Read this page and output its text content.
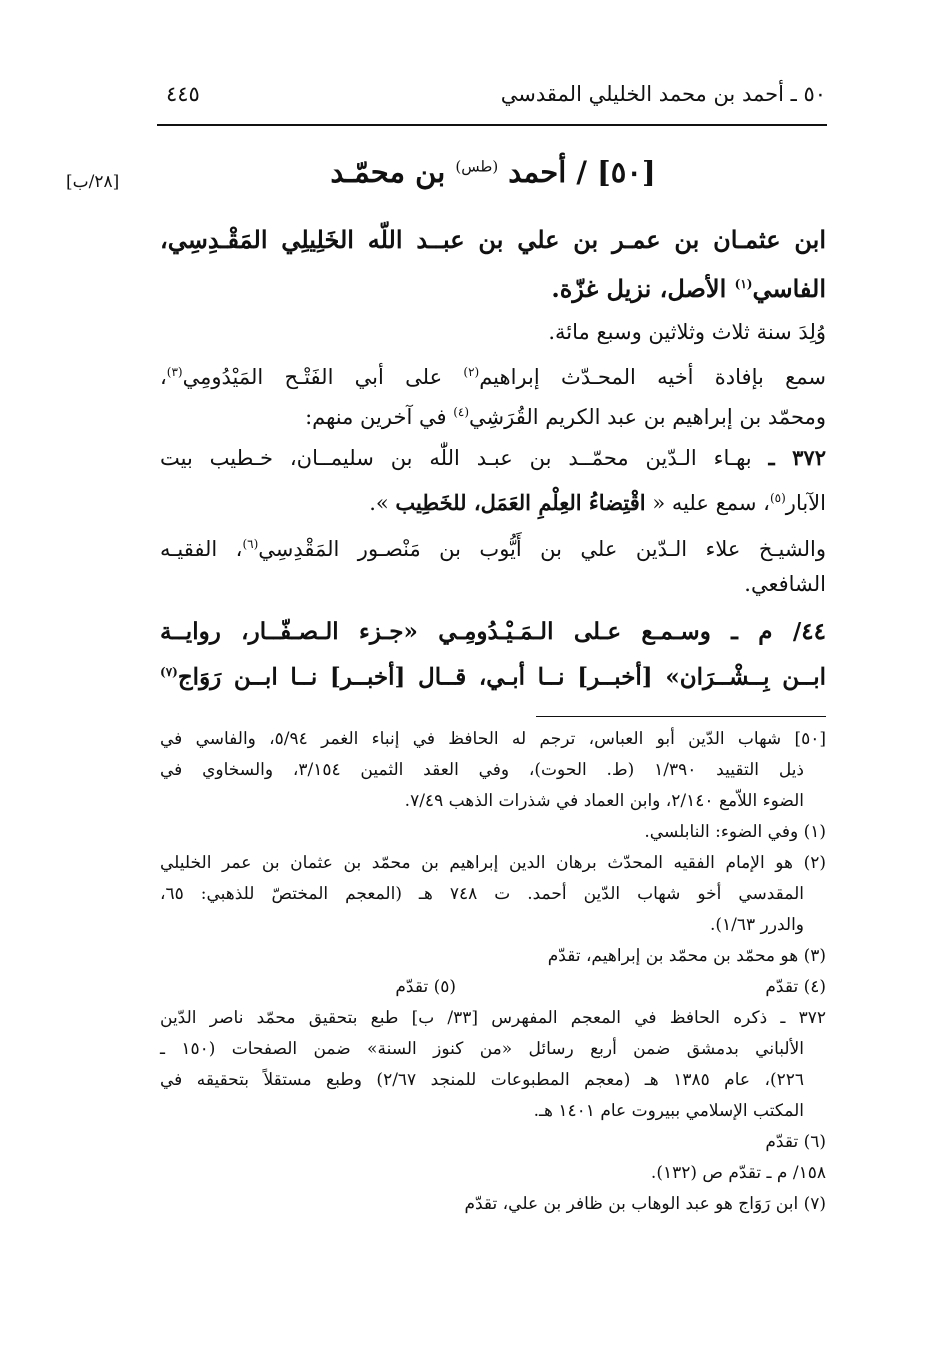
٥٠ ـ أحمد بن محمد الخليلي المقدسي
٤٤٥
[٢٨/ب]	[٥٠] / أحمد $^{(طس)}$ بن محمّـد
ابن عثمـان بن عمـر بن علي بن عبــد اللّه الخَلِيلِي المَقْـدِسِي،
الفاسي$^{(١)}$ الأصل، نزيل غزّة.
وُلِدَ سنة ثلاث وثلاثين وسبع مائة.
سمع بإفادة أخيه المحـدّث إبراهيم$^{(٢)}$ على أبي الفَتْـح المَيْدُومِي$^{(٣)}$،
ومحمّد بن إبراهيم بن عبد الكريم القُرَشِي$^{(٤)}$ في آخرين منهم:
٣٧٢ ـ بهـاء الـدّين محمّــد بن عبـد اللّٰه بن سليمــان، خـطيب بيت
الآبار$^{(٥)}$، سمع عليه « اقْتِضاءُ العِلْمِ العَمَل، للخَطِيب ».
والشيـخ علاء الـدّين علي بن أَيُّوب بن مَنْصـور المَقْدِسِي$^{(٦)}$، الفقيـه
الشافعي.
٤٤/ م ـ وسـمـع عـلى الـمَـيْـدُومِـي «جـزء الـصـفّــار، روايــة
ابــن بِــشْــرَان» [أخبــر] نــا أبـي، قــال [أخبــر] نــا ابــن رَوَاج$^{(٧)}$
[٥٠] شهاب الدّين أبو العباس، ترجم له الحافظ في إنباء الغمر ٥/٩٤، والفاسي في
ذيل التقييد ١/٣٩٠ (ط. الحوت)، وفي العقد الثمين ٣/١٥٤، والسخاوي في
الضوء اللاّمع ٢/١٤٠، وابن العماد في شذرات الذهب ٧/٤٩.
(١) وفي الضوء: النابلسي.
(٢) هو الإمام الفقيه المحدّث برهان الدين إبراهيم بن محمّد بن عثمان بن عمر الخليلي
المقدسي أخو شهاب الدّين أحمد. ت ٧٤٨ هـ (المعجم المختصّ للذهبي: ٦٥،
والدرر ١/٦٣).
(٣) هو محمّد بن محمّد بن إبراهيم، تقدّم
(٤) تقدّم
(٥) تقدّم
٣٧٢ ـ ذكره الحافظ في المعجم المفهرس [٣٣/ ب] طبع بتحقيق محمّد ناصر الدّين
الألباني بدمشق ضمن أربع رسائل «من كنوز السنة» ضمن الصفحات (١٥٠ ـ
٢٢٦)، عام ١٣٨٥ هـ (معجم المطبوعات للمنجد ٢/٦٧) وطبع مستقلاً بتحقيقه في
المكتب الإسلامي ببيروت عام ١٤٠١ هـ.
(٦) تقدّم
١٥٨/ م ـ تقدّم ص (١٣٢).
(٧) ابن رَوَاج هو عبد الوهاب بن ظافر بن علي، تقدّم
